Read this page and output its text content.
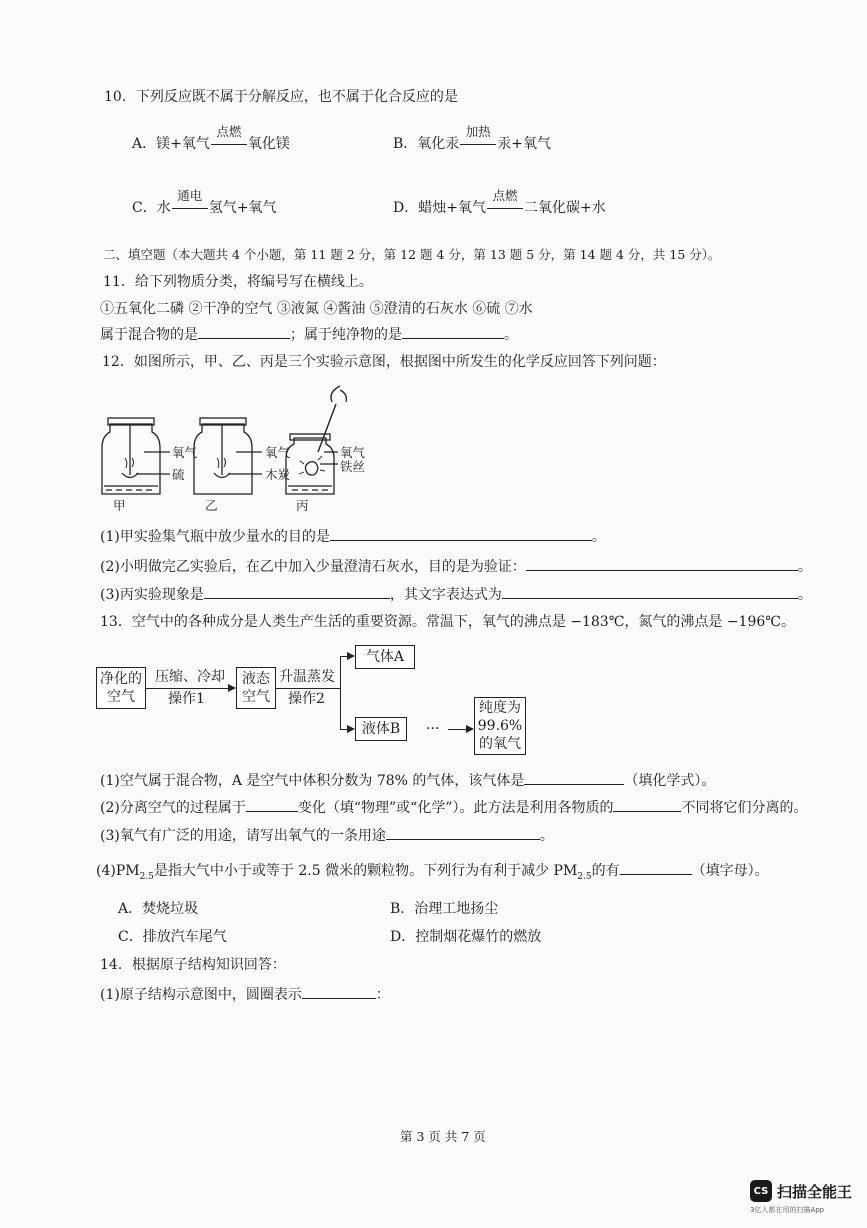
10．下列反应既不属于分解反应，也不属于化合反应的是
A．镁+氧气
点燃
氧化镁	B．氧化汞
加热
汞+氧气
C．水
通电
氢气+氧气	D．蜡烛+氧气
点燃
二氧化碳+水
二、填空题（本大题共 4 个小题，第 11 题 2 分，第 12 题 4 分，第 13 题 5 分，第 14 题 4 分，共 15 分）。
11．给下列物质分类，将编号写在横线上。
①五氧化二磷 ②干净的空气 ③液氮 ④酱油 ⑤澄清的石灰水 ⑥硫 ⑦水
属于混合物的是	；属于纯净物的是	。
12．如图所示，甲、乙、丙是三个实验示意图，根据图中所发生的化学反应回答下列问题：
氧气
硫
甲
氧气
木炭
乙
氧气
铁丝
丙
(1)甲实验集气瓶中放少量水的目的是	。
(2)小明做完乙实验后，在乙中加入少量澄清石灰水，目的是为验证：	。
(3)丙实验现象是	，其文字表达式为	。
13．空气中的各种成分是人类生产生活的重要资源。常温下，氧气的沸点是 −183℃，氮气的沸点是 −196℃。
净化的
空气
压缩、冷却
操作1
液态
空气
升温蒸发
操作2
气体A
液体B	···
纯度为
99.6%
的氧气
(1)空气属于混合物，A 是空气中体积分数为 78% 的气体，该气体是	（填化学式）。
(2)分离空气的过程属于	变化（填“物理”或“化学”）。此方法是利用各物质的	不同将它们分离的。
(3)氧气有广泛的用途，请写出氧气的一条用途	。
$(4)PM_{2.5}$是指大气中小于或等于 2.5 微米的颗粒物。下列行为有利于减少 $PM_{2.5}$的有	（填字母）。
A．焚烧垃圾	B．治理工地扬尘
C．排放汽车尾气	D．控制烟花爆竹的燃放
14．根据原子结构知识回答：
(1)原子结构示意图中，圆圈表示	：
第 3 页 共 7 页
CS 扫描全能王
3亿人都在用的扫描App
